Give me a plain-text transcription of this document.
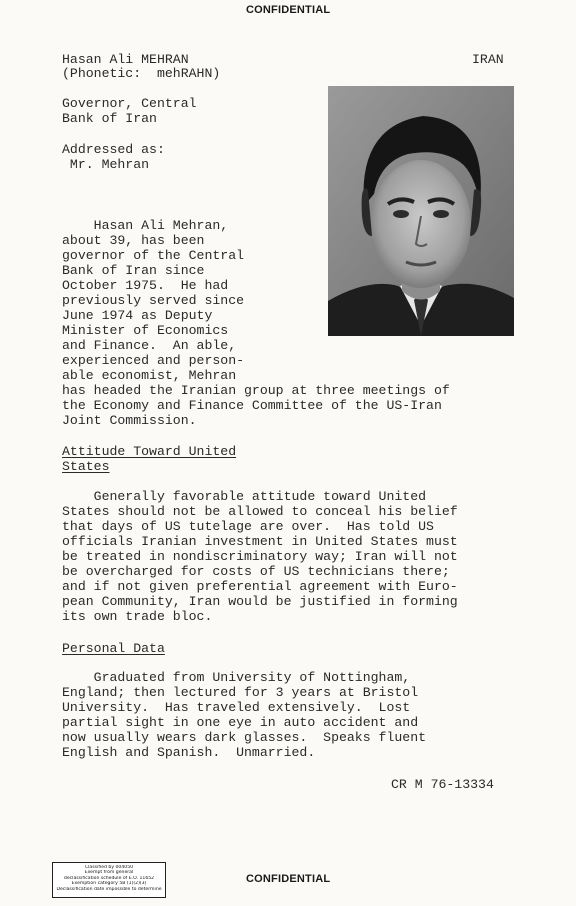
CONFIDENTIAL
Hasan Ali MEHRAN
(Phonetic:  mehRAHN)
IRAN
Governor, Central
Bank of Iran
Addressed as:
Mr. Mehran
Hasan Ali Mehran,
about 39, has been
governor of the Central
Bank of Iran since
October 1975.  He had
previously served since
June 1974 as Deputy
Minister of Economics
and Finance.  An able,
experienced and person-
able economist, Mehran
has headed the Iranian group at three meetings of
the Economy and Finance Committee of the US-Iran
Joint Commission.
Attitude Toward United
States
Generally favorable attitude toward United
States should not be allowed to conceal his belief
that days of US tutelage are over.  Has told US
officials Iranian investment in United States must
be treated in nondiscriminatory way; Iran will not
be overcharged for costs of US technicians there;
and if not given preferential agreement with Euro-
pean Community, Iran would be justified in forming
its own trade bloc.
Personal Data
Graduated from University of Nottingham,
England; then lectured for 3 years at Bristol
University.  Has traveled extensively.  Lost
partial sight in one eye in auto accident and
now usually wears dark glasses.  Speaks fluent
English and Spanish.  Unmarried.
CR M 76-13334
Classified by 004050
Exempt from general
declassification schedule of E.O. 11652
Exemption category 5B (1)(2)(3)
Declassification date impossible to determine
CONFIDENTIAL
